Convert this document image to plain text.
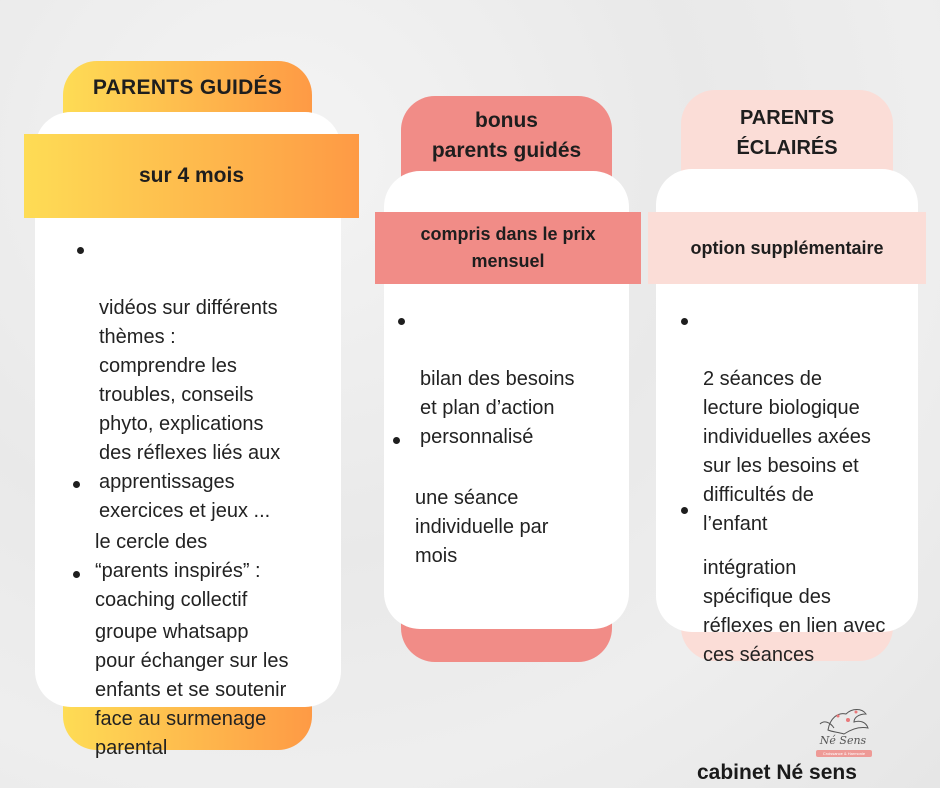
PARENTS GUIDÉS
sur 4 mois

vidéos sur différents
thèmes :
comprendre les
troubles, conseils
phyto, explications
des réflexes liés aux
apprentissages
exercices et jeux ...

le cercle des
“parents inspirés” :
coaching collectif

groupe whatsapp
pour échanger sur les
enfants et se soutenir
face au surmenage
parental

bonus
parents guidés
compris dans le prix
mensuel

bilan des besoins
et plan d’action
personnalisé

une séance
individuelle par
mois

PARENTS
ÉCLAIRÉS
option supplémentaire

2 séances de
lecture biologique
individuelles axées
sur les besoins et
difficultés de
l’enfant

intégration
spécifique des
réflexes en lien avec
ces séances

Né Sens
Croissance & Harmonie
cabinet Né sens
